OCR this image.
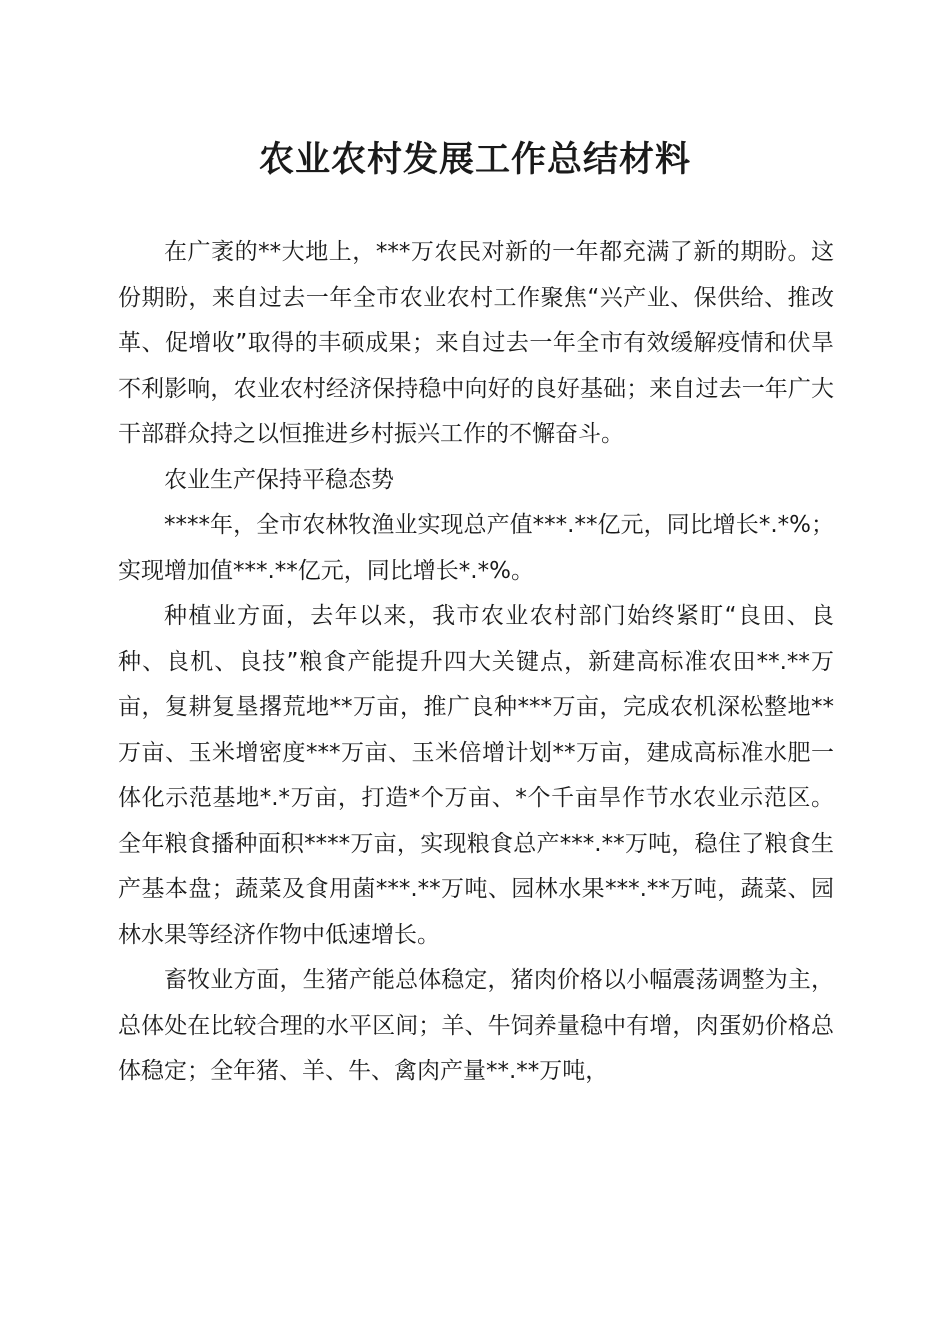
农业农村发展工作总结材料

在广袤的**大地上，***万农民对新的一年都充满了新的期盼。这份期盼，来自过去一年全市农业农村工作聚焦“兴产业、保供给、推改革、促增收”取得的丰硕成果；来自过去一年全市有效缓解疫情和伏旱不利影响，农业农村经济保持稳中向好的良好基础；来自过去一年广大干部群众持之以恒推进乡村振兴工作的不懈奋斗。

农业生产保持平稳态势

****年，全市农林牧渔业实现总产值***.**亿元，同比增长*.*%；实现增加值***.**亿元，同比增长*.*%。

种植业方面，去年以来，我市农业农村部门始终紧盯“良田、良种、良机、良技”粮食产能提升四大关键点，新建高标准农田**.**万亩，复耕复垦撂荒地**万亩，推广良种***万亩，完成农机深松整地**万亩、玉米增密度***万亩、玉米倍增计划**万亩，建成高标准水肥一体化示范基地*.*万亩，打造*个万亩、*个千亩旱作节水农业示范区。全年粮食播种面积****万亩，实现粮食总产***.**万吨，稳住了粮食生产基本盘；蔬菜及食用菌***.**万吨、园林水果***.**万吨，蔬菜、园林水果等经济作物中低速增长。

畜牧业方面，生猪产能总体稳定，猪肉价格以小幅震荡调整为主，总体处在比较合理的水平区间；羊、牛饲养量稳中有增，肉蛋奶价格总体稳定；全年猪、羊、牛、禽肉产量**.**万吨，
